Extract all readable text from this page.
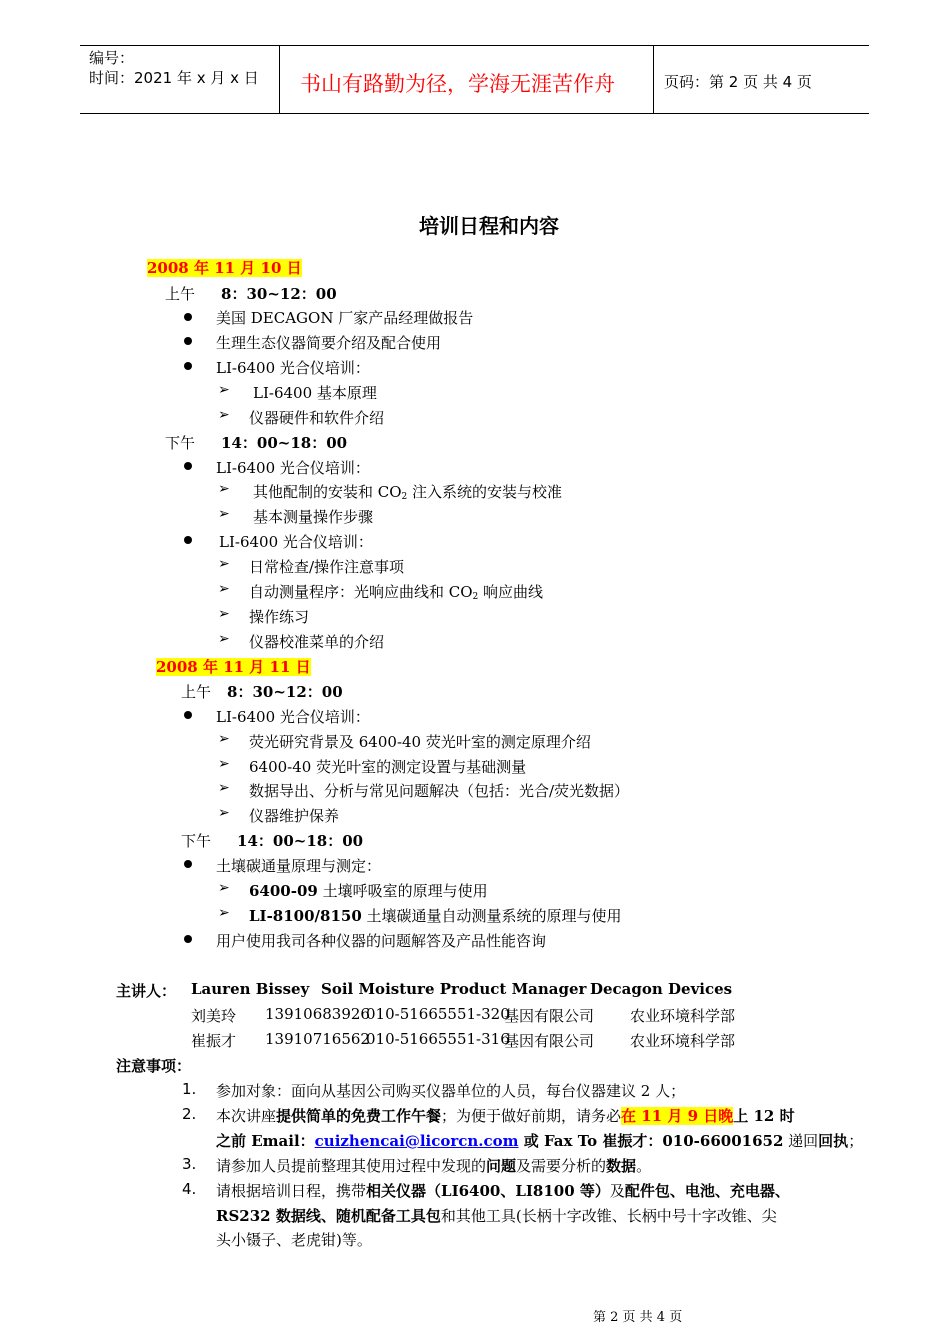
编号：
时间：2021 年 x 月 x 日 书山有路勤为径，学海无涯苦作舟	页码：第 2 页 共 4 页
培训日程和内容
2008 年 11 月 10 日
上午 8：30~12：00
美国 DECAGON 厂家产品经理做报告
生理生态仪器简要介绍及配合使用
LI-6400 光合仪培训：
➢ LI-6400 基本原理
➢ 仪器硬件和软件介绍
下午 14：00~18：00
LI-6400 光合仪培训：
➢ 其他配制的安装和 $CO_2$ 注入系统的安装与校准
➢ 基本测量操作步骤
LI-6400 光合仪培训：
➢ 日常检查/操作注意事项
➢ 自动测量程序：光响应曲线和 $CO_2$ 响应曲线
➢ 操作练习
➢ 仪器校准菜单的介绍
2008 年 11 月 11 日
上午 8：30~12：00
LI-6400 光合仪培训：
➢ 荧光研究背景及 6400-40 荧光叶室的测定原理介绍
➢ 6400-40 荧光叶室的测定设置与基础测量
➢ 数据导出、分析与常见问题解决（包括：光合/荧光数据）
➢ 仪器维护保养
下午 14：00~18：00
土壤碳通量原理与测定：
➢ 6400-09 土壤呼吸室的原理与使用
➢ LI-8100/8150 土壤碳通量自动测量系统的原理与使用
用户使用我司各种仪器的问题解答及产品性能咨询
主讲人： Lauren Bissey Soil Moisture Product Manager Decagon Devices
刘美玲 13910683926
010-51665551-320
基因有限公司 农业环境科学部
崔振才 13910716562
010-51665551-316
基因有限公司 农业环境科学部
注意事项：
1. 参加对象：面向从基因公司购买仪器单位的人员，每台仪器建议 2 人；
2. 本次讲座提供简单的免费工作午餐；为便于做好前期，请务必在 11 月 9 日晚上 12 时
之前 Email：cuizhencai@licorcn.com 或 Fax To 崔振才：010-66001652 递回回执；
3. 请参加人员提前整理其使用过程中发现的问题及需要分析的数据。
4. 请根据培训日程，携带相关仪器（LI6400、LI8100 等）及配件包、电池、充电器、
RS232 数据线、随机配备工具包和其他工具(长柄十字改锥、长柄中号十字改锥、尖
头小镊子、老虎钳)等。
第 2 页 共 4 页
